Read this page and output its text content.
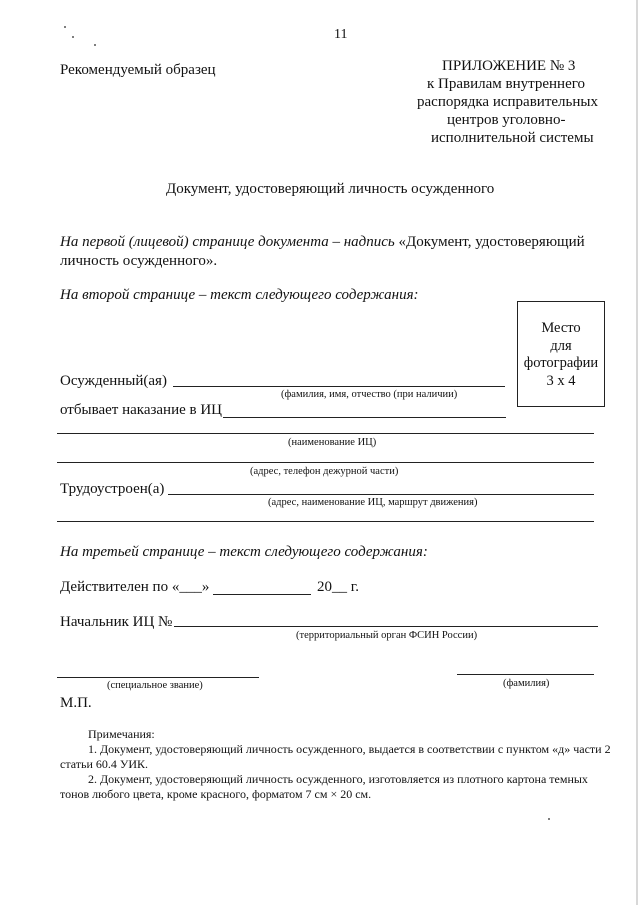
11
Рекомендуемый образец	ПРИЛОЖЕНИЕ № 3
к Правилам внутреннего
распорядка исправительных
центров уголовно-
исполнительной системы
Документ, удостоверяющий личность осужденного
На первой (лицевой) странице документа – надпись «Документ, удостоверяющий
личность осужденного».
На второй странице – текст следующего содержания:
Место
для
фотографии
3 х 4
Осужденный(ая)
(фамилия, имя, отчество (при наличии)
отбывает наказание в ИЦ
(наименование ИЦ)
(адрес, телефон дежурной части)
Трудоустроен(а)
(адрес, наименование ИЦ, маршрут движения)
На третьей странице – текст следующего содержания:
Действителен по «___»	20__ г.
Начальник ИЦ №
(территориальный орган ФСИН России)
(специальное звание)	(фамилия)
М.П.
Примечания:
1. Документ, удостоверяющий личность осужденного, выдается в соответствии с пунктом «д» части 2
статьи 60.4 УИК.
2. Документ, удостоверяющий личность осужденного, изготовляется из плотного картона темных
тонов любого цвета, кроме красного, форматом 7 см × 20 см.
